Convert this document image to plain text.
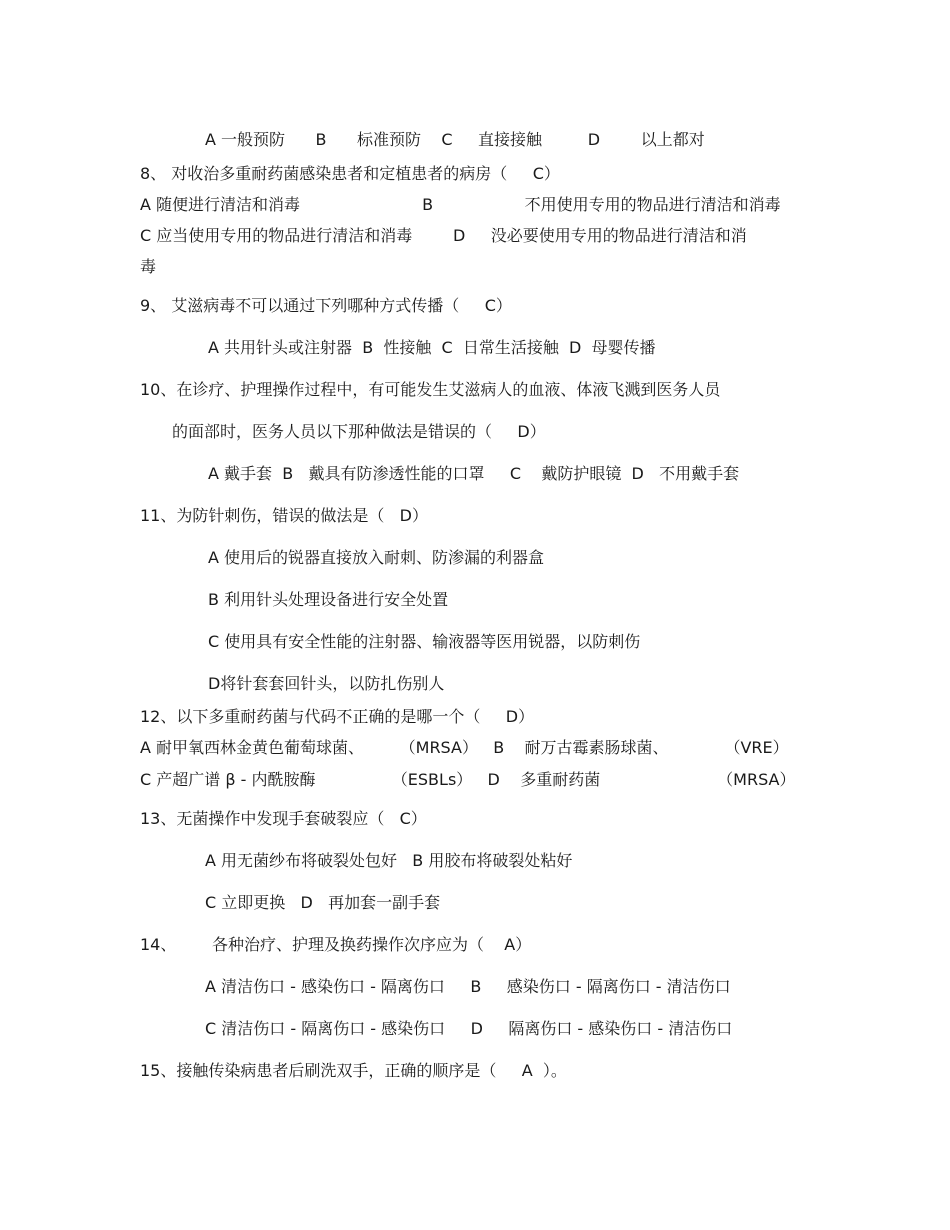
A 一般预防      B      标准预防    C     直接接触         D        以上都对
8、 对收治多重耐药菌感染患者和定植患者的病房（     C）
A 随便进行清洁和消毒                        B                  不用使用专用的物品进行清洁和消毒
C 应当使用专用的物品进行清洁和消毒        D     没必要使用专用的物品进行清洁和消
毒
9、 艾滋病毒不可以通过下列哪种方式传播（     C）
A 共用针头或注射器  B  性接触  C  日常生活接触  D  母婴传播
10、在诊疗、护理操作过程中，有可能发生艾滋病人的血液、体液飞溅到医务人员
的面部时，医务人员以下那种做法是错误的（     D）
A 戴手套  B   戴具有防渗透性能的口罩     C    戴防护眼镜  D   不用戴手套
11、为防针刺伤，错误的做法是（   D）
A 使用后的锐器直接放入耐刺、防渗漏的利器盒
B 利用针头处理设备进行安全处置
C 使用具有安全性能的注射器、输液器等医用锐器，以防刺伤
D将针套套回针头，以防扎伤别人
12、以下多重耐药菌与代码不正确的是哪一个（     D）
A 耐甲氧西林金黄色葡萄球菌、       （MRSA）   B    耐万古霉素肠球菌、           （VRE）
C 产超广谱 β - 内酰胺酶               （ESBLs）   D    多重耐药菌                       （MRSA）
13、无菌操作中发现手套破裂应（   C）
A 用无菌纱布将破裂处包好   B 用胶布将破裂处粘好
C 立即更换   D   再加套一副手套
14、       各种治疗、护理及换药操作次序应为（    A）
A 清洁伤口 - 感染伤口 - 隔离伤口     B     感染伤口 - 隔离伤口 - 清洁伤口
C 清洁伤口 - 隔离伤口 - 感染伤口     D     隔离伤口 - 感染伤口 - 清洁伤口
15、接触传染病患者后刷洗双手，正确的顺序是（     A  ）。
